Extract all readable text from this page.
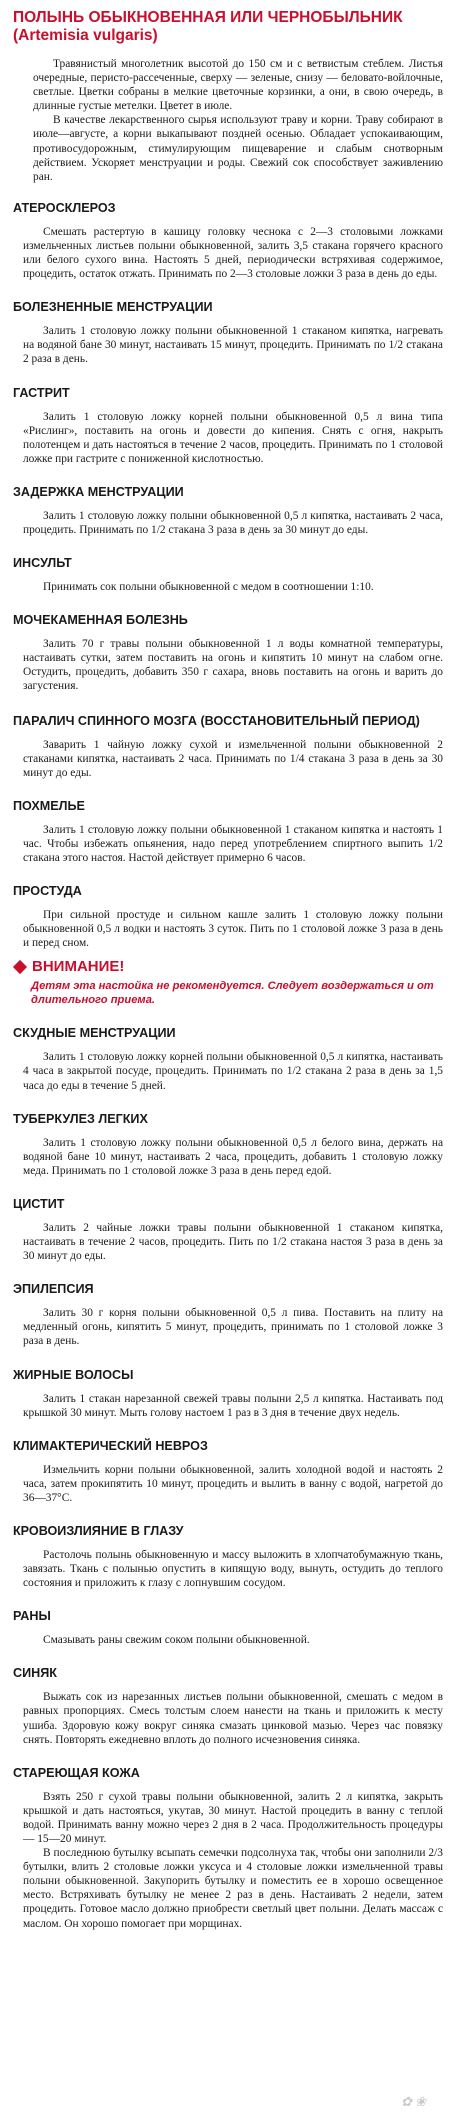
ПОЛЫНЬ ОБЫКНОВЕННАЯ ИЛИ ЧЕРНОБЫЛЬНИК
(Artemisia vulgaris)

Травянистый многолетник высотой до 150 см и с ветвистым стеблем. Листья очередные, перисто-рассеченные, сверху — зеленые, снизу — беловато-войлочные, светлые. Цветки собраны в мелкие цветочные корзинки, а они, в свою очередь, в длинные густые метелки. Цветет в июле.

В качестве лекарственного сырья используют траву и корни. Траву собирают в июле—августе, а корни выкапывают поздней осенью. Обладает успокаивающим, противосудорожным, стимулирующим пищеварение и слабым снотворным действием. Ускоряет менструации и роды. Свежий сок способствует заживлению ран.

АТЕРОСКЛЕРОЗ

Смешать растертую в кашицу головку чеснока с 2—3 столовыми ложками измельченных листьев полыни обыкновенной, залить 3,5 стакана горячего красного или белого сухого вина. Настоять 5 дней, периодически встряхивая содержимое, процедить, остаток отжать. Принимать по 2—3 столовые ложки 3 раза в день до еды.

БОЛЕЗНЕННЫЕ МЕНСТРУАЦИИ

Залить 1 столовую ложку полыни обыкновенной 1 стаканом кипятка, нагревать на водяной бане 30 минут, настаивать 15 минут, процедить. Принимать по 1/2 стакана 2 раза в день.

ГАСТРИТ

Залить 1 столовую ложку корней полыни обыкновенной 0,5 л вина типа «Рислинг», поставить на огонь и довести до кипения. Снять с огня, накрыть полотенцем и дать настояться в течение 2 часов, процедить. Принимать по 1 столовой ложке при гастрите с пониженной кислотностью.

ЗАДЕРЖКА МЕНСТРУАЦИИ

Залить 1 столовую ложку полыни обыкновенной 0,5 л кипятка, настаивать 2 часа, процедить. Принимать по 1/2 стакана 3 раза в день за 30 минут до еды.

ИНСУЛЬТ

Принимать сок полыни обыкновенной с медом в соотношении 1:10.

МОЧЕКАМЕННАЯ БОЛЕЗНЬ

Залить 70 г травы полыни обыкновенной 1 л воды комнатной температуры, настаивать сутки, затем поставить на огонь и кипятить 10 минут на слабом огне. Остудить, процедить, добавить 350 г сахара, вновь поставить на огонь и варить до загустения.

ПАРАЛИЧ СПИННОГО МОЗГА (ВОССТАНОВИТЕЛЬНЫЙ ПЕРИОД)

Заварить 1 чайную ложку сухой и измельченной полыни обыкновенной 2 стаканами кипятка, настаивать 2 часа. Принимать по 1/4 стакана 3 раза в день за 30 минут до еды.

ПОХМЕЛЬЕ

Залить 1 столовую ложку полыни обыкновенной 1 стаканом кипятка и настоять 1 час. Чтобы избежать опьянения, надо перед употреблением спиртного выпить 1/2 стакана этого настоя. Настой действует примерно 6 часов.

ПРОСТУДА

При сильной простуде и сильном кашле залить 1 столовую ложку полыни обыкновенной 0,5 л водки и настоять 3 суток. Пить по 1 столовой ложке 3 раза в день и перед сном.

ВНИМАНИЕ!
Детям эта настойка не рекомендуется. Следует воздержаться и от длительного приема.
СКУДНЫЕ МЕНСТРУАЦИИ

Залить 1 столовую ложку корней полыни обыкновенной 0,5 л кипятка, настаивать 4 часа в закрытой посуде, процедить. Принимать по 1/2 стакана 2 раза в день за 1,5 часа до еды в течение 5 дней.

ТУБЕРКУЛЕЗ ЛЕГКИХ

Залить 1 столовую ложку полыни обыкновенной 0,5 л белого вина, держать на водяной бане 10 минут, настаивать 2 часа, процедить, добавить 1 столовую ложку меда. Принимать по 1 столовой ложке 3 раза в день перед едой.

ЦИСТИТ

Залить 2 чайные ложки травы полыни обыкновенной 1 стаканом кипятка, настаивать в течение 2 часов, процедить. Пить по 1/2 стакана настоя 3 раза в день за 30 минут до еды.

ЭПИЛЕПСИЯ

Залить 30 г корня полыни обыкновенной 0,5 л пива. Поставить на плиту на медленный огонь, кипятить 5 минут, процедить, принимать по 1 столовой ложке 3 раза в день.

ЖИРНЫЕ ВОЛОСЫ

Залить 1 стакан нарезанной свежей травы полыни 2,5 л кипятка. Настаивать под крышкой 30 минут. Мыть голову настоем 1 раз в 3 дня в течение двух недель.

КЛИМАКТЕРИЧЕСКИЙ НЕВРОЗ

Измельчить корни полыни обыкновенной, залить холодной водой и настоять 2 часа, затем прокипятить 10 минут, процедить и вылить в ванну с водой, нагретой до 36—37°С.

КРОВОИЗЛИЯНИЕ В ГЛАЗУ

Растолочь полынь обыкновенную и массу выложить в хлопчатобумажную ткань, завязать. Ткань с полынью опустить в кипящую воду, вынуть, остудить до теплого состояния и приложить к глазу с лопнувшим сосудом.

РАНЫ

Смазывать раны свежим соком полыни обыкновенной.

СИНЯК

Выжать сок из нарезанных листьев полыни обыкновенной, смешать с медом в равных пропорциях. Смесь толстым слоем нанести на ткань и приложить к месту ушиба. Здоровую кожу вокруг синяка смазать цинковой мазью. Через час повязку снять. Повторять ежедневно вплоть до полного исчезновения синяка.

СТАРЕЮЩАЯ КОЖА

Взять 250 г сухой травы полыни обыкновенной, залить 2 л кипятка, закрыть крышкой и дать настояться, укутав, 30 минут. Настой процедить в ванну с теплой водой. Принимать ванну можно через 2 дня в 2 часа. Продолжительность процедуры — 15—20 минут.

В последнюю бутылку всыпать семечки подсолнуха так, чтобы они заполнили 2/3 бутылки, влить 2 столовые ложки уксуса и 4 столовые ложки измельченной травы полыни обыкновенной. Закупорить бутылку и поместить ее в хорошо освещенное место. Встряхивать бутылку не менее 2 раз в день. Настаивать 2 недели, затем процедить. Готовое масло должно приобрести светлый цвет полыни. Делать массаж с маслом. Он хорошо помогает при морщинах.

✿ ❀
